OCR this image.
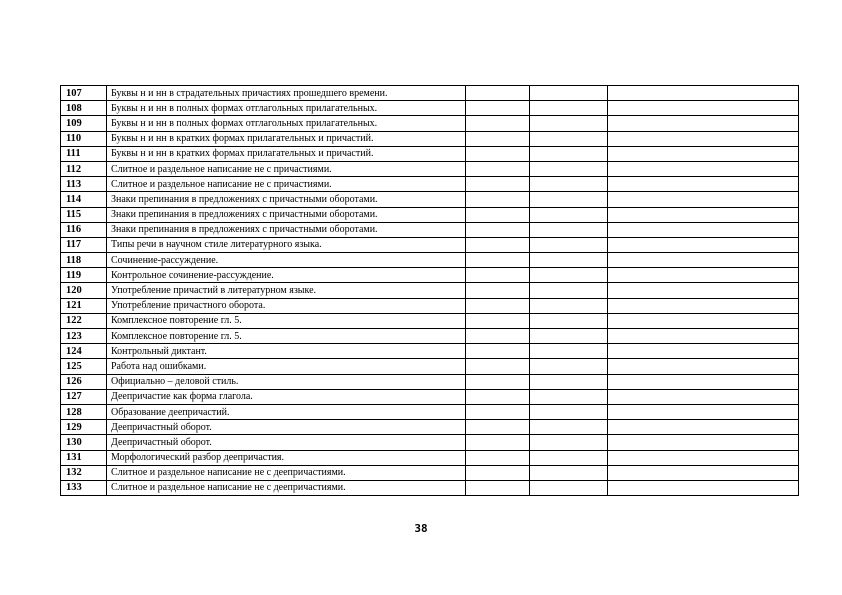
107	Буквы н и нн в страдательных причастиях прошедшего времени.			
108	Буквы н и нн в полных формах отглагольных прилагательных.			
109	Буквы н и нн в полных формах отглагольных прилагательных.			
110	Буквы н и нн в кратких формах прилагательных и причастий.			
111	Буквы н и нн в кратких формах прилагательных и причастий.			
112	Слитное и раздельное написание не с причастиями.			
113	Слитное и раздельное написание не с причастиями.			
114	Знаки препинания в предложениях с причастными оборотами.			
115	Знаки препинания в предложениях с причастными оборотами.			
116	Знаки препинания в предложениях с причастными оборотами.			
117	Типы речи в научном стиле литературного языка.			
118	Сочинение-рассуждение.			
119	Контрольное сочинение-рассуждение.			
120	Употребление причастий в литературном языке.			
121	Употребление причастного оборота.			
122	Комплексное повторение гл. 5.			
123	Комплексное повторение гл. 5.			
124	Контрольный диктант.			
125	Работа над ошибками.			
126	Официально – деловой стиль.			
127	Деепричастие как форма глагола.			
128	Образование деепричастий.			
129	Деепричастный оборот.			
130	Деепричастный оборот.			
131	Морфологический разбор деепричастия.			
132	Слитное и раздельное написание не с деепричастиями.			
133	Слитное и раздельное написание не с деепричастиями.			
38
